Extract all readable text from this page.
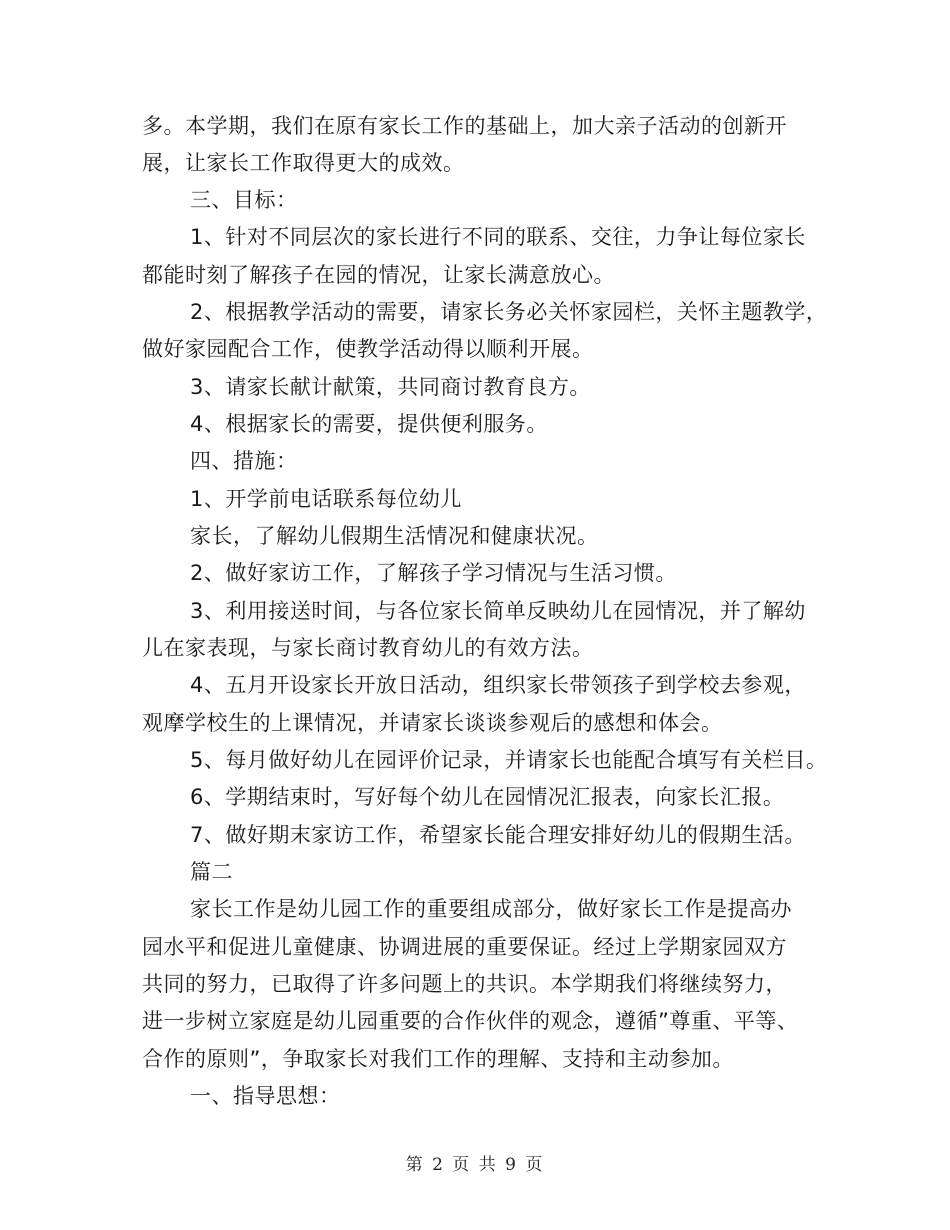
多。本学期，我们在原有家长工作的基础上，加大亲子活动的创新开
展，让家长工作取得更大的成效。
三、目标：
1、针对不同层次的家长进行不同的联系、交往，力争让每位家长
都能时刻了解孩子在园的情况，让家长满意放心。
2、根据教学活动的需要，请家长务必关怀家园栏，关怀主题教学，
做好家园配合工作，使教学活动得以顺利开展。
3、请家长献计献策，共同商讨教育良方。
4、根据家长的需要，提供便利服务。
四、措施：
1、开学前电话联系每位幼儿
家长，了解幼儿假期生活情况和健康状况。
2、做好家访工作，了解孩子学习情况与生活习惯。
3、利用接送时间，与各位家长简单反映幼儿在园情况，并了解幼
儿在家表现，与家长商讨教育幼儿的有效方法。
4、五月开设家长开放日活动，组织家长带领孩子到学校去参观，
观摩学校生的上课情况，并请家长谈谈参观后的感想和体会。
5、每月做好幼儿在园评价记录，并请家长也能配合填写有关栏目。
6、学期结束时，写好每个幼儿在园情况汇报表，向家长汇报。
7、做好期末家访工作，希望家长能合理安排好幼儿的假期生活。
篇二
家长工作是幼儿园工作的重要组成部分，做好家长工作是提高办
园水平和促进儿童健康、协调进展的重要保证。经过上学期家园双方
共同的努力，已取得了许多问题上的共识。本学期我们将继续努力，
进一步树立家庭是幼儿园重要的合作伙伴的观念，遵循”尊重、平等、
合作的原则”，争取家长对我们工作的理解、支持和主动参加。
一、指导思想：
第 2 页 共 9 页
